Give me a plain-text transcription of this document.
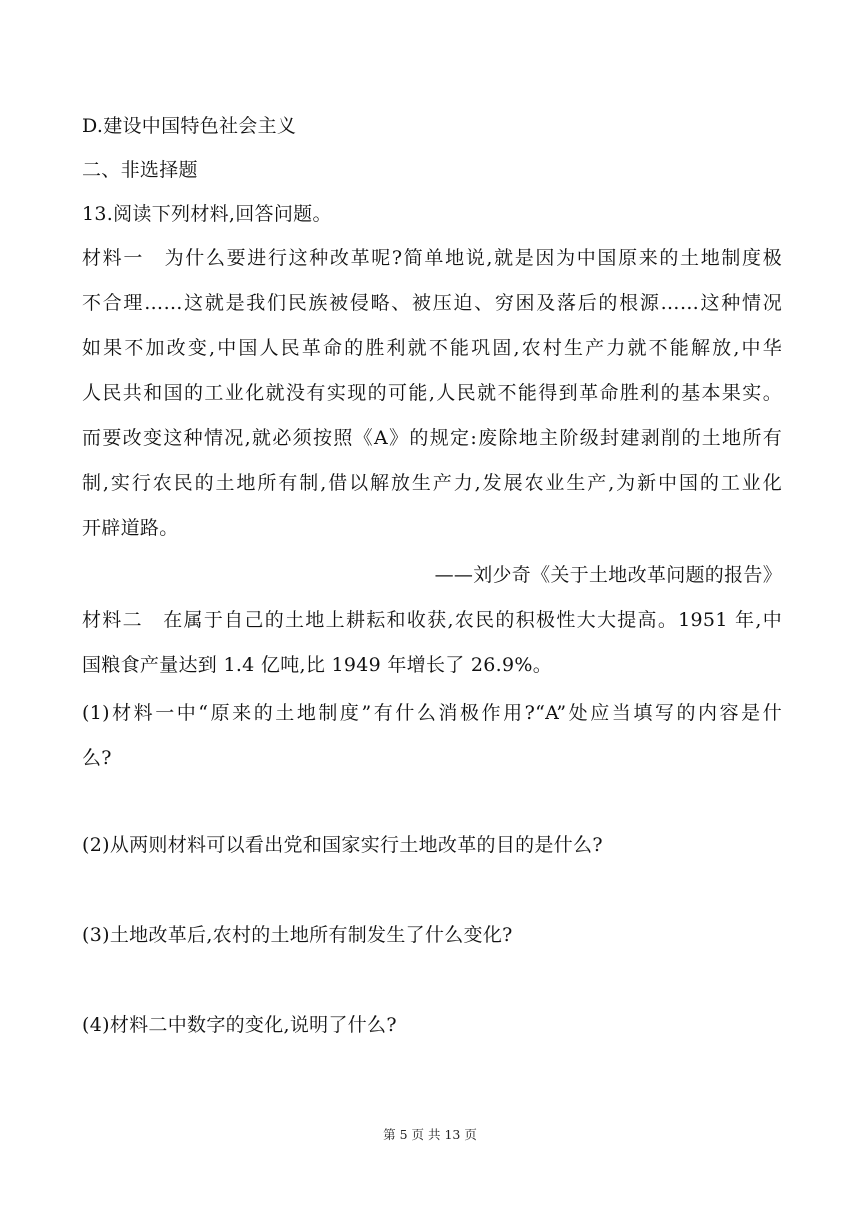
D.建设中国特色社会主义
二、非选择题
13.阅读下列材料,回答问题。
材料一　为什么要进行这种改革呢?简单地说,就是因为中国原来的土地制度极
不合理……这就是我们民族被侵略、被压迫、穷困及落后的根源……这种情况
如果不加改变,中国人民革命的胜利就不能巩固,农村生产力就不能解放,中华
人民共和国的工业化就没有实现的可能,人民就不能得到革命胜利的基本果实。
而要改变这种情况,就必须按照《A》的规定:废除地主阶级封建剥削的土地所有
制,实行农民的土地所有制,借以解放生产力,发展农业生产,为新中国的工业化
开辟道路。
——刘少奇《关于土地改革问题的报告》
材料二　在属于自己的土地上耕耘和收获,农民的积极性大大提高。1951 年,中
国粮食产量达到 1.4 亿吨,比 1949 年增长了 26.9%。
(1)材料一中“原来的土地制度”有什么消极作用?“A”处应当填写的内容是什
么?
(2)从两则材料可以看出党和国家实行土地改革的目的是什么?
(3)土地改革后,农村的土地所有制发生了什么变化?
(4)材料二中数字的变化,说明了什么?
第 5 页 共 13 页
